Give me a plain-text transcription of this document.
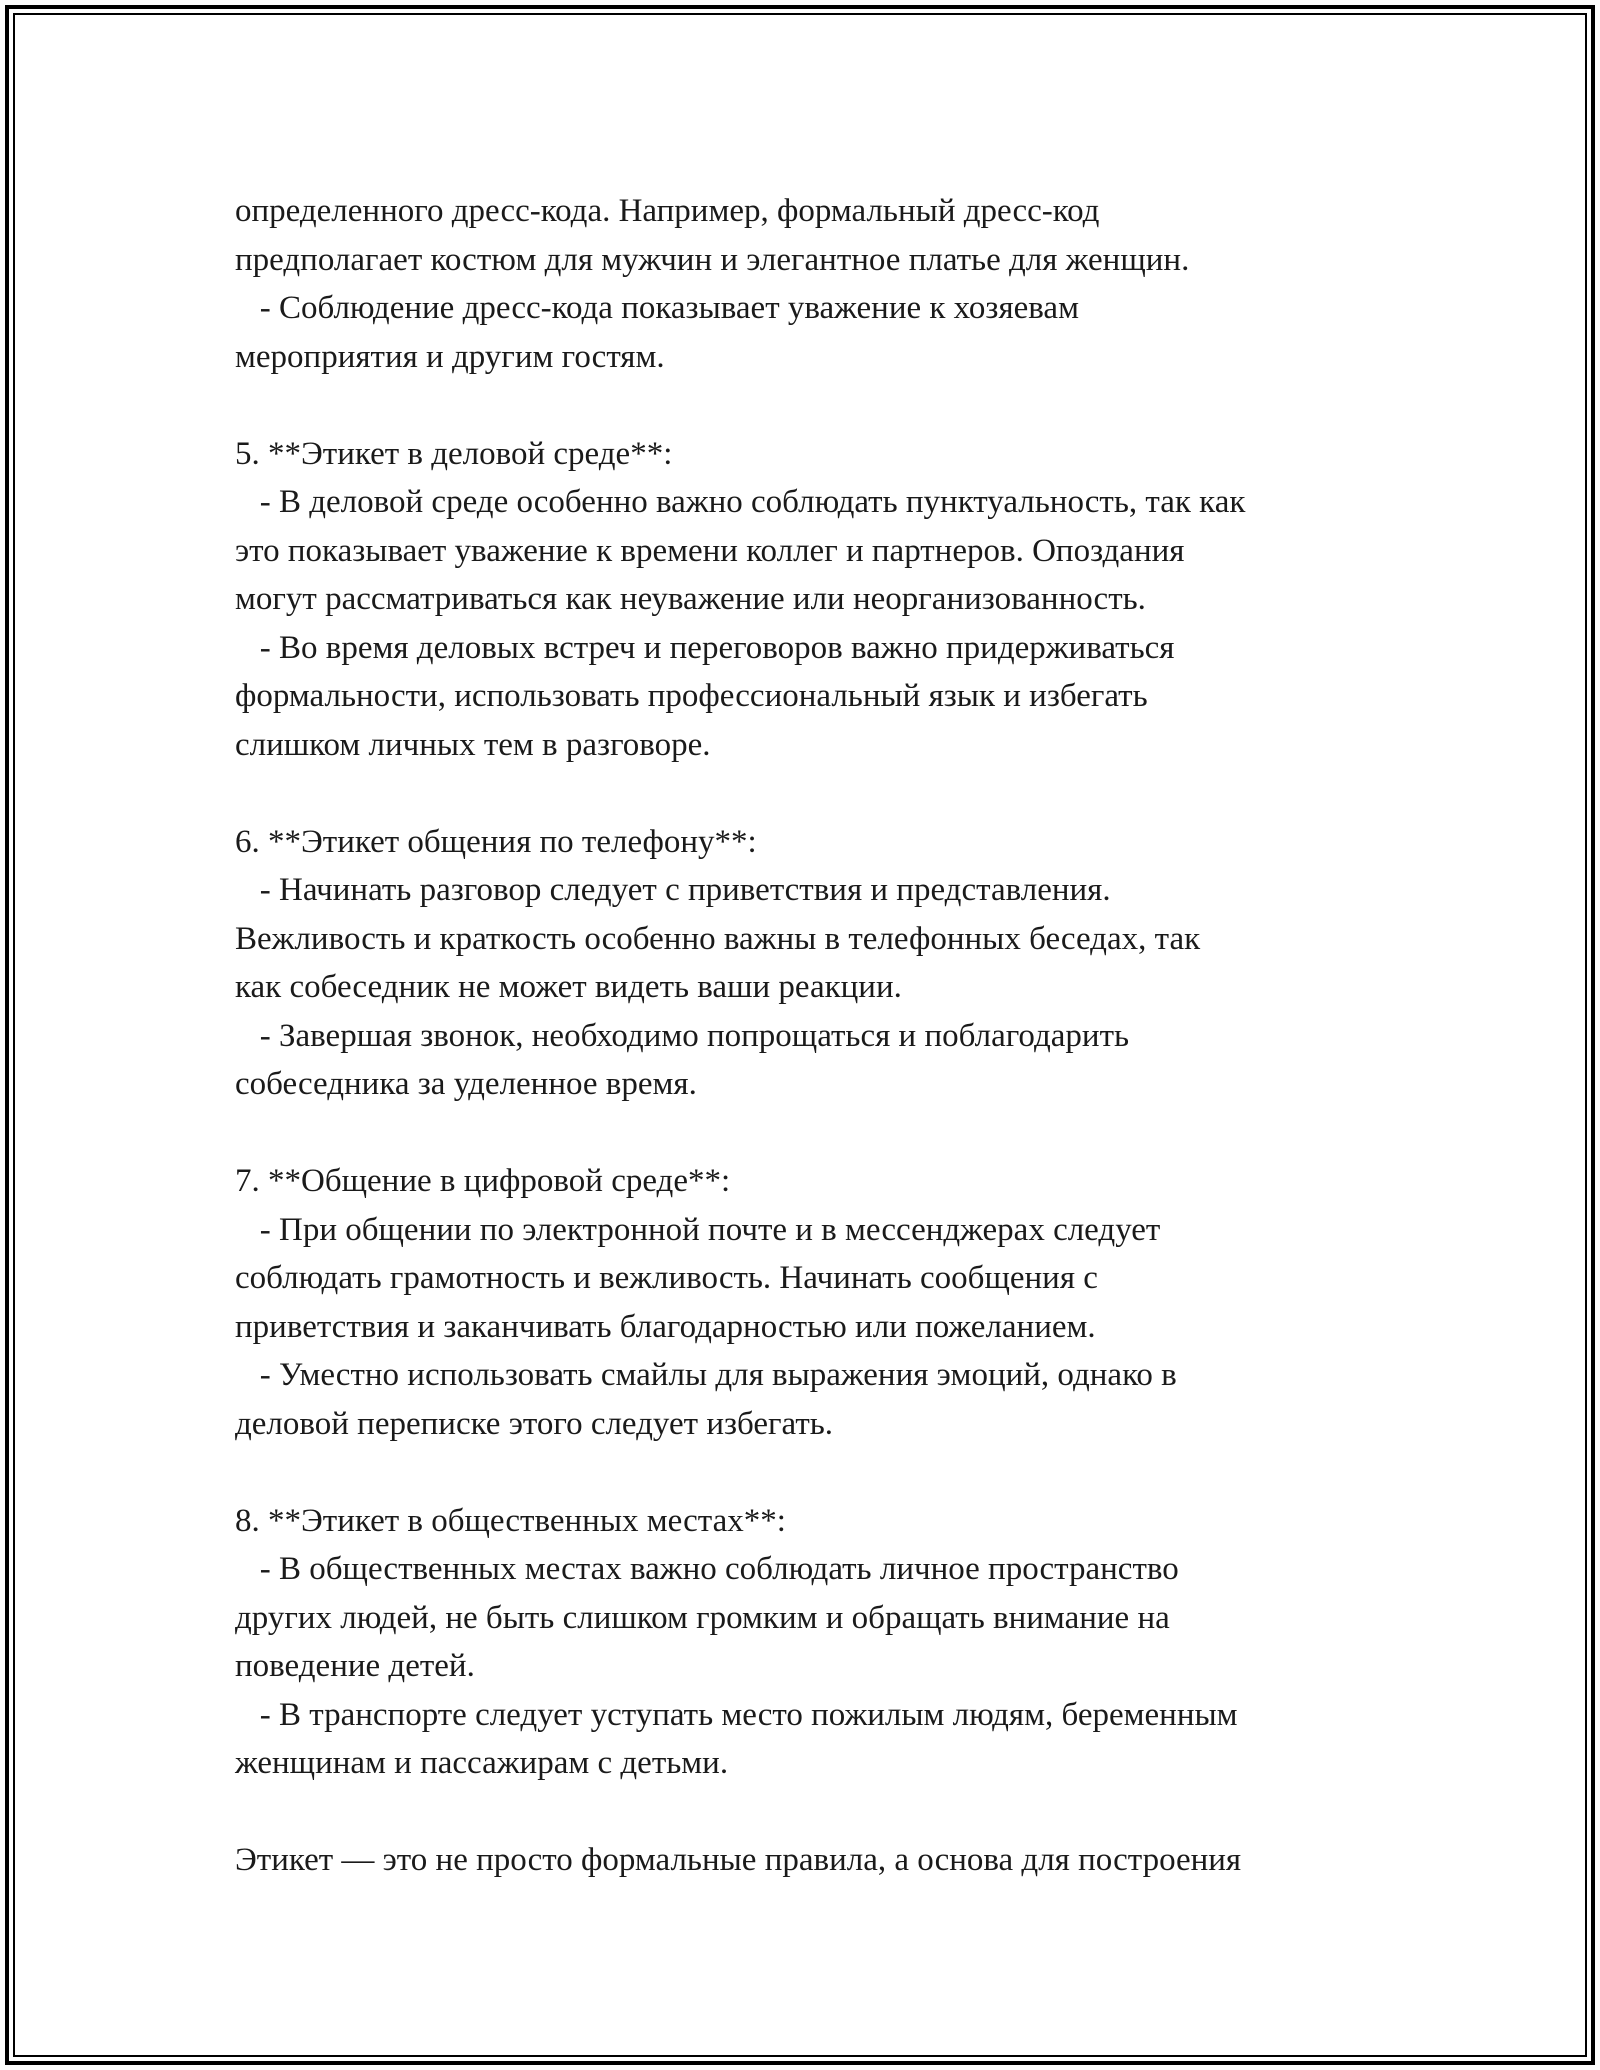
определенного дресс-кода. Например, формальный дресс-код
предполагает костюм для мужчин и элегантное платье для женщин.
- Соблюдение дресс-кода показывает уважение к хозяевам
мероприятия и другим гостям.
5. **Этикет в деловой среде**:
- В деловой среде особенно важно соблюдать пунктуальность, так как
это показывает уважение к времени коллег и партнеров. Опоздания
могут рассматриваться как неуважение или неорганизованность.
- Во время деловых встреч и переговоров важно придерживаться
формальности, использовать профессиональный язык и избегать
слишком личных тем в разговоре.
6. **Этикет общения по телефону**:
- Начинать разговор следует с приветствия и представления.
Вежливость и краткость особенно важны в телефонных беседах, так
как собеседник не может видеть ваши реакции.
- Завершая звонок, необходимо попрощаться и поблагодарить
собеседника за уделенное время.
7. **Общение в цифровой среде**:
- При общении по электронной почте и в мессенджерах следует
соблюдать грамотность и вежливость. Начинать сообщения с
приветствия и заканчивать благодарностью или пожеланием.
- Уместно использовать смайлы для выражения эмоций, однако в
деловой переписке этого следует избегать.
8. **Этикет в общественных местах**:
- В общественных местах важно соблюдать личное пространство
других людей, не быть слишком громким и обращать внимание на
поведение детей.
- В транспорте следует уступать место пожилым людям, беременным
женщинам и пассажирам с детьми.
Этикет — это не просто формальные правила, а основа для построения
